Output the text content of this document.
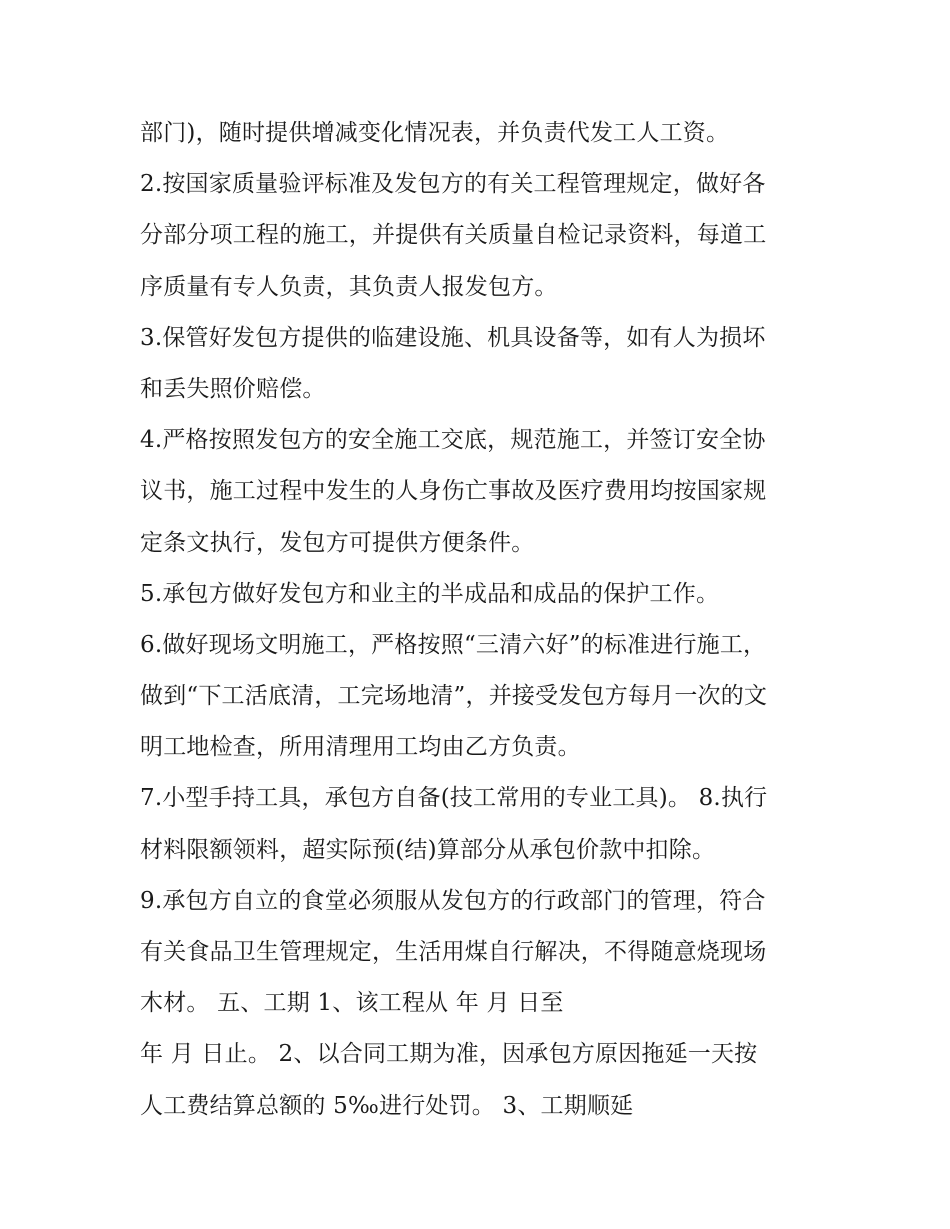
部门)，随时提供增减变化情况表，并负责代发工人工资。
2.按国家质量验评标准及发包方的有关工程管理规定，做好各
分部分项工程的施工，并提供有关质量自检记录资料，每道工
序质量有专人负责，其负责人报发包方。
3.保管好发包方提供的临建设施、机具设备等，如有人为损坏
和丢失照价赔偿。
4.严格按照发包方的安全施工交底，规范施工，并签订安全协
议书，施工过程中发生的人身伤亡事故及医疗费用均按国家规
定条文执行，发包方可提供方便条件。
5.承包方做好发包方和业主的半成品和成品的保护工作。
6.做好现场文明施工，严格按照“三清六好”的标准进行施工，
做到“下工活底清，工完场地清”，并接受发包方每月一次的文
明工地检查，所用清理用工均由乙方负责。
7.小型手持工具，承包方自备(技工常用的专业工具)。 8.执行
材料限额领料，超实际预(结)算部分从承包价款中扣除。
9.承包方自立的食堂必须服从发包方的行政部门的管理，符合
有关食品卫生管理规定，生活用煤自行解决，不得随意烧现场
木材。 五、工期 1、该工程从 年 月 日至
年 月 日止。 2、以合同工期为准，因承包方原因拖延一天按
人工费结算总额的 5‰进行处罚。 3、工期顺延
